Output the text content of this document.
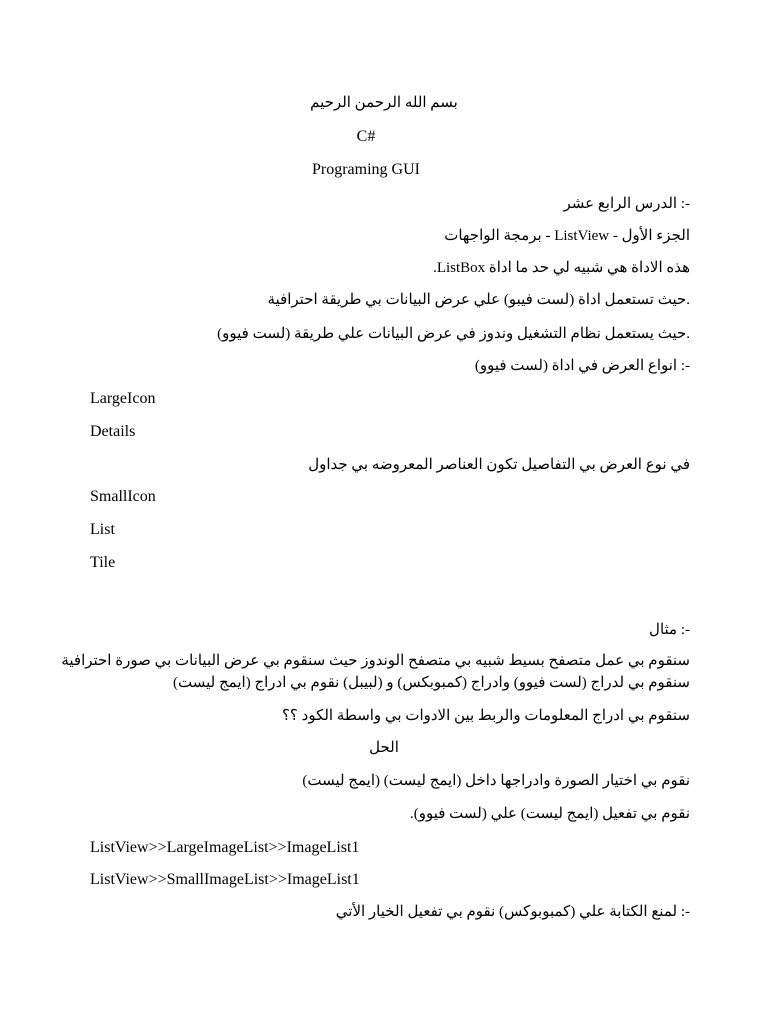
بسم الله الرحمن الرحيم

C#

Programing GUI

-: الدرس الرابع عشر

الجزء الأول - ListView - برمجة الواجهات

هذه الاداة هي شبيه لي حد ما اداة ListBox.

.حيث تستعمل اداة (لست فيبو) علي عرض البيانات بي طريقة احترافية

.حيث يستعمل نظام التشغيل وندوز في عرض البيانات علي طريقة (لست فيوو)

-: انواع العرض في اداة (لست فيوو)

LargeIcon

Details

في نوع العرض بي التفاصيل تكون العناصر المعروضه بي جداول

SmallIcon

List

Tile

-: مثال

سنقوم بي عمل متصفح بسيط شبيه بي متصفح الوندوز حيث سنقوم بي عرض البيانات بي صورة احترافية
سنقوم بي لدراج (لست فيوو) وادراج (كمبوبكس) و (لبيبل) نقوم بي ادراج (ايمج ليست)

سنقوم بي ادراج المعلومات والربط بين الادوات بي واسطة الكود ؟؟

الحل

نقوم بي اختيار الصورة وادراجها داخل (ايمج ليست) (ايمج ليست)

نقوم بي تفعيل (ايمج ليست) علي (لست فيوو).

ListView>>LargeImageList>>ImageList1

ListView>>SmallImageList>>ImageList1

-: لمنع الكتابة علي (كمبوبوكس) نقوم بي تفعيل الخيار الأتي
